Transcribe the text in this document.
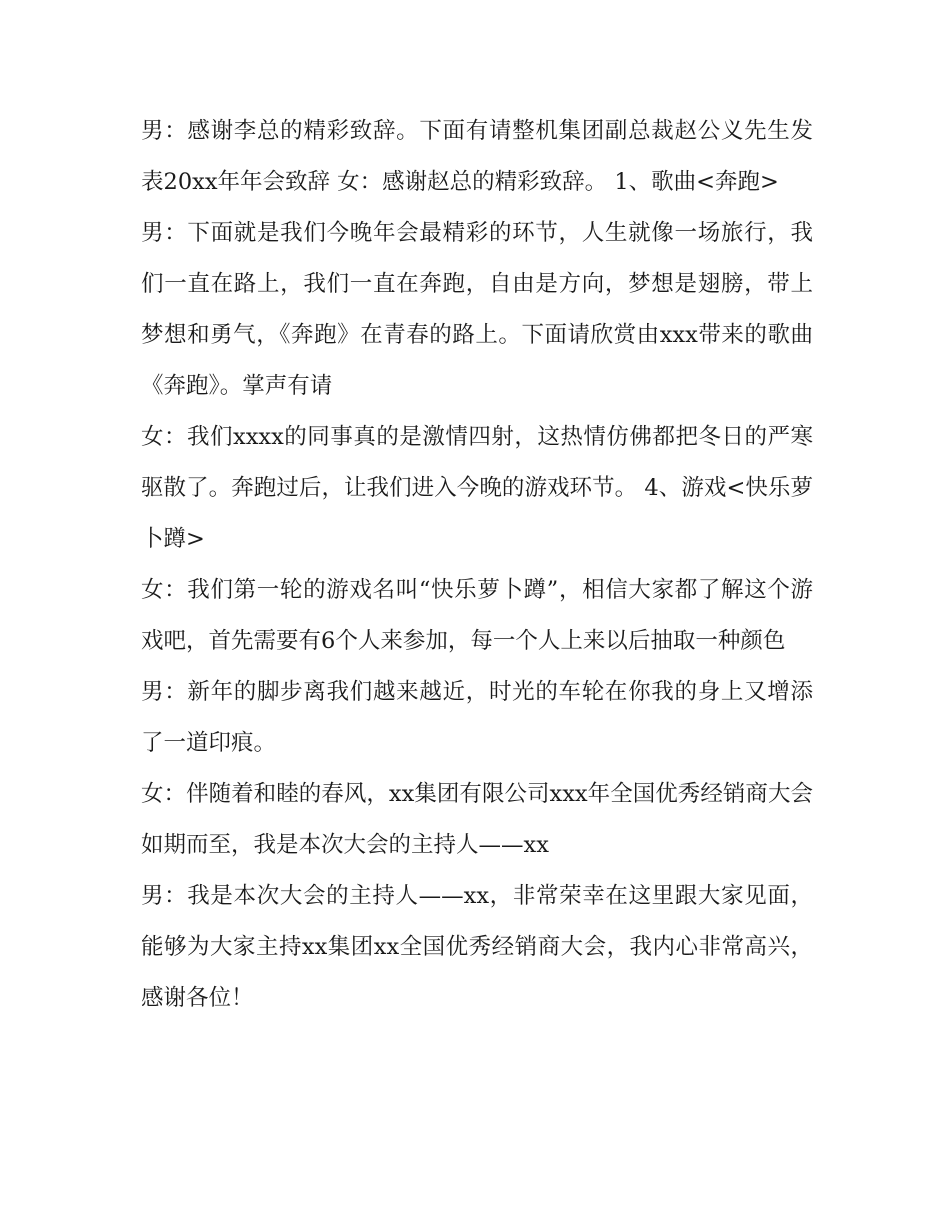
男：感谢李总的精彩致辞。下面有请整机集团副总裁赵公义先生发表20xx年年会致辞 女：感谢赵总的精彩致辞。 1、歌曲<奔跑>

男：下面就是我们今晚年会最精彩的环节，人生就像一场旅行，我们一直在路上，我们一直在奔跑，自由是方向，梦想是翅膀，带上梦想和勇气，《奔跑》在青春的路上。下面请欣赏由xxx带来的歌曲《奔跑》。掌声有请

女：我们xxxx的同事真的是激情四射，这热情仿佛都把冬日的严寒驱散了。奔跑过后，让我们进入今晚的游戏环节。 4、游戏<快乐萝卜蹲>

女：我们第一轮的游戏名叫“快乐萝卜蹲”，相信大家都了解这个游戏吧，首先需要有6个人来参加，每一个人上来以后抽取一种颜色

男：新年的脚步离我们越来越近，时光的车轮在你我的身上又增添了一道印痕。

女：伴随着和睦的春风，xx集团有限公司xxx年全国优秀经销商大会如期而至，我是本次大会的主持人——xx

男：我是本次大会的主持人——xx，非常荣幸在这里跟大家见面，能够为大家主持xx集团xx全国优秀经销商大会，我内心非常高兴，感谢各位！
